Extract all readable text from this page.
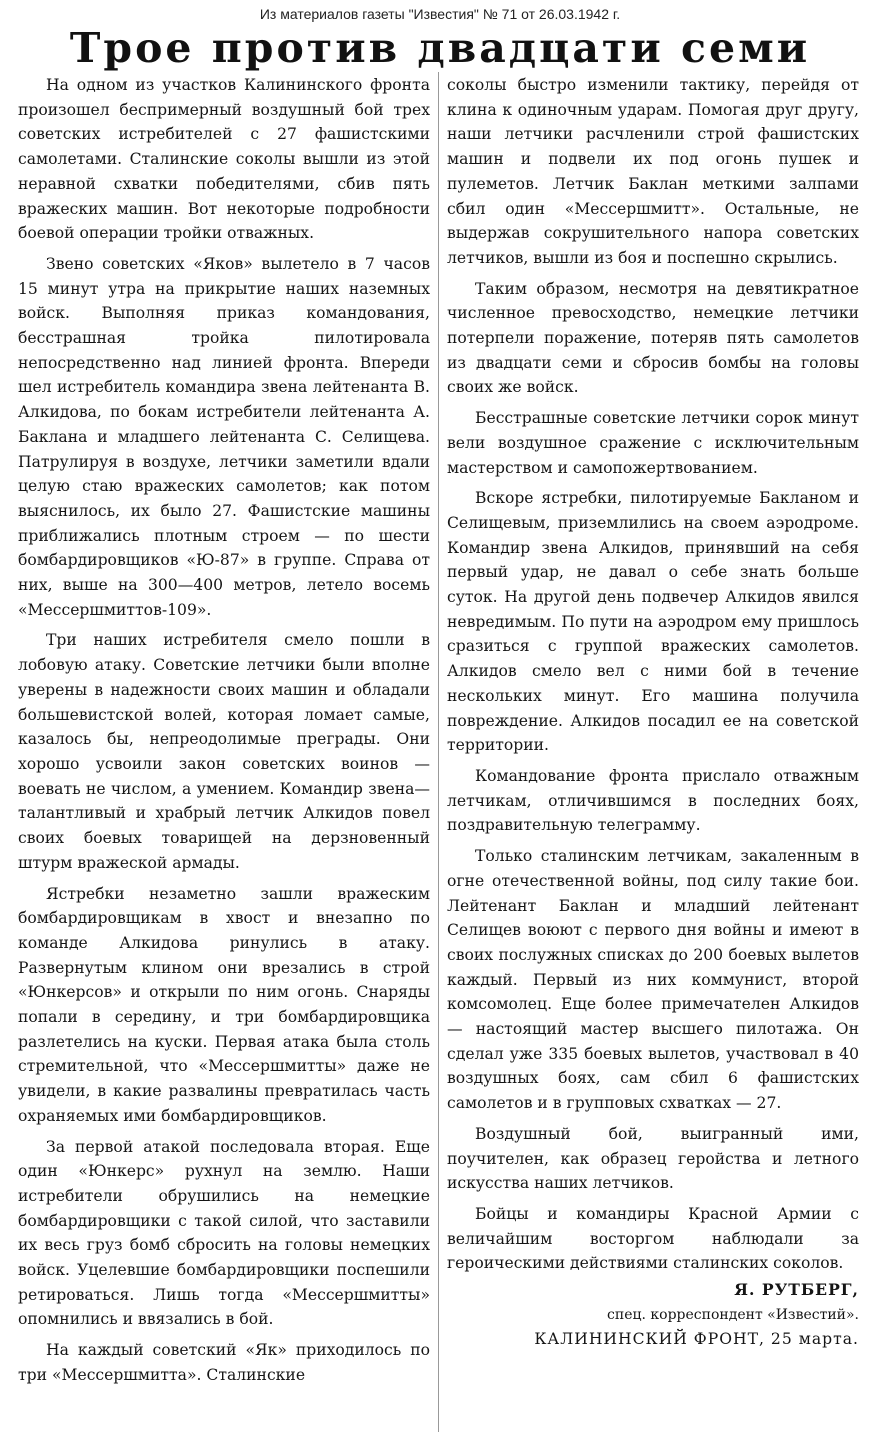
Из материалов газеты "Известия" № 71 от 26.03.1942 г.
Трое против двадцати семи

На одном из участков Калининского фронта произошел беспримерный воздушный бой трех советских истребителей с 27 фашистскими самолетами. Сталинские соколы вышли из этой неравной схватки победителями, сбив пять вражеских машин. Вот некоторые подробности боевой операции тройки отважных.

Звено советских «Яков» вылетело в 7 часов 15 минут утра на прикрытие наших наземных войск. Выполняя приказ командования, бесстрашная тройка пилотировала непосредственно над линией фронта. Впереди шел истребитель командира звена лейтенанта В. Алкидова, по бокам истребители лейтенанта А. Баклана и младшего лейтенанта С. Селищева. Патрулируя в воздухе, летчики заметили вдали целую стаю вражеских самолетов; как потом выяснилось, их было 27. Фашистские машины приближались плотным строем — по шести бомбардировщиков «Ю-87» в группе. Справа от них, выше на 300—400 метров, летело восемь «Мессершмиттов-109».

Три наших истребителя смело пошли в лобовую атаку. Советские летчики были вполне уверены в надежности своих машин и обладали большевистской волей, которая ломает самые, казалось бы, непреодолимые преграды. Они хорошо усвоили закон советских воинов — воевать не числом, а умением. Командир звена—талантливый и храбрый летчик Алкидов повел своих боевых товарищей на дерзновенный штурм вражеской армады.

Ястребки незаметно зашли вражеским бомбардировщикам в хвост и внезапно по команде Алкидова ринулись в атаку. Развернутым клином они врезались в строй «Юнкерсов» и открыли по ним огонь. Снаряды попали в середину, и три бомбардировщика разлетелись на куски. Первая атака была столь стремительной, что «Мессершмитты» даже не увидели, в какие развалины превратилась часть охраняемых ими бомбардировщиков.

За первой атакой последовала вторая. Еще один «Юнкерс» рухнул на землю. Наши истребители обрушились на немецкие бомбардировщики с такой силой, что заставили их весь груз бомб сбросить на головы немецких войск. Уцелевшие бомбардировщики поспешили ретироваться. Лишь тогда «Мессершмитты» опомнились и ввязались в бой.

На каждый советский «Як» приходилось по три «Мессершмитта». Сталинские

соколы быстро изменили тактику, перейдя от клина к одиночным ударам. Помогая друг другу, наши летчики расчленили строй фашистских машин и подвели их под огонь пушек и пулеметов. Летчик Баклан меткими залпами сбил один «Мессершмитт». Остальные, не выдержав сокрушительного напора советских летчиков, вышли из боя и поспешно скрылись.

Таким образом, несмотря на девятикратное численное превосходство, немецкие летчики потерпели поражение, потеряв пять самолетов из двадцати семи и сбросив бомбы на головы своих же войск.

Бесстрашные советские летчики сорок минут вели воздушное сражение с исключительным мастерством и самопожертвованием.

Вскоре ястребки, пилотируемые Бакланом и Селищевым, приземлились на своем аэродроме. Командир звена Алкидов, принявший на себя первый удар, не давал о себе знать больше суток. На другой день подвечер Алкидов явился невредимым. По пути на аэродром ему пришлось сразиться с группой вражеских самолетов. Алкидов смело вел с ними бой в течение нескольких минут. Его машина получила повреждение. Алкидов посадил ее на советской территории.

Командование фронта прислало отважным летчикам, отличившимся в последних боях, поздравительную телеграмму.

Только сталинским летчикам, закаленным в огне отечественной войны, под силу такие бои. Лейтенант Баклан и младший лейтенант Селищев воюют с первого дня войны и имеют в своих послужных списках до 200 боевых вылетов каждый. Первый из них коммунист, второй комсомолец. Еще более примечателен Алкидов — настоящий мастер высшего пилотажа. Он сделал уже 335 боевых вылетов, участвовал в 40 воздушных боях, сам сбил 6 фашистских самолетов и в групповых схватках — 27.

Воздушный бой, выигранный ими, поучителен, как образец геройства и летного искусства наших летчиков.

Бойцы и командиры Красной Армии с величайшим восторгом наблюдали за героическими действиями сталинских соколов.

Я. РУТБЕРГ,
спец. корреспондент «Известий».
КАЛИНИНСКИЙ ФРОНТ, 25 марта.
